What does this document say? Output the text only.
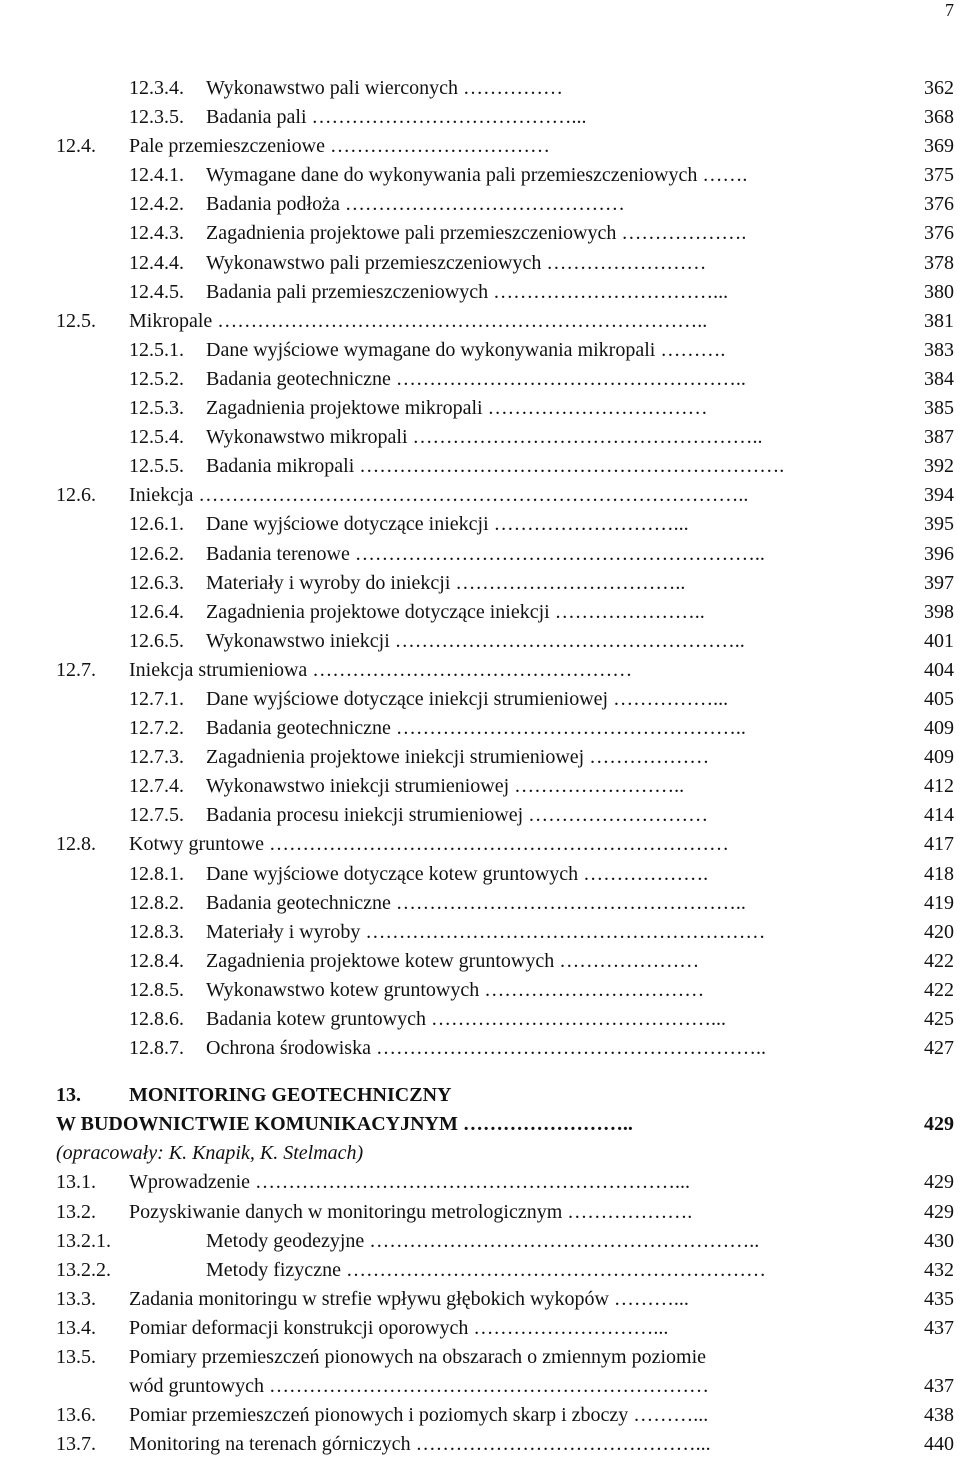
7
12.3.4. Wykonawstwo pali wierconych ……………	362
12.3.5. Badania pali …………………………………...	368
12.4. Pale przemieszczeniowe ……………………………	369
12.4.1. Wymagane dane do wykonywania pali przemieszczeniowych …….	375
12.4.2. Badania podłoża ……………………………………	376
12.4.3. Zagadnienia projektowe pali przemieszczeniowych ……………….	376
12.4.4. Wykonawstwo pali przemieszczeniowych ……………………	378
12.4.5. Badania pali przemieszczeniowych ……………………………...	380
12.5. Mikropale ………………………………………………………………..	381
12.5.1. Dane wyjściowe wymagane do wykonywania mikropali ……….	383
12.5.2. Badania geotechniczne ……………………………………………..	384
12.5.3. Zagadnienia projektowe mikropali ……………………………	385
12.5.4. Wykonawstwo mikropali ……………………………………………..	387
12.5.5. Badania mikropali ……………………………………………………….	392
12.6. Iniekcja ………………………………………………………………………..	394
12.6.1. Dane wyjściowe dotyczące iniekcji ………………………...	395
12.6.2. Badania terenowe ……………………………………………………..	396
12.6.3. Materiały i wyroby do iniekcji ……………………………..	397
12.6.4. Zagadnienia projektowe dotyczące iniekcji …………………..	398
12.6.5. Wykonawstwo iniekcji ……………………………………………..	401
12.7. Iniekcja strumieniowa …………………………………………	404
12.7.1. Dane wyjściowe dotyczące iniekcji strumieniowej ……………...	405
12.7.2. Badania geotechniczne ……………………………………………..	409
12.7.3. Zagadnienia projektowe iniekcji strumieniowej ………………	409
12.7.4. Wykonawstwo iniekcji strumieniowej ……………………..	412
12.7.5. Badania procesu iniekcji strumieniowej ………………………	414
12.8. Kotwy gruntowe ……………………………………………………………	417
12.8.1. Dane wyjściowe dotyczące kotew gruntowych ……………….	418
12.8.2. Badania geotechniczne ……………………………………………..	419
12.8.3. Materiały i wyroby ……………………………………………………	420
12.8.4. Zagadnienia projektowe kotew gruntowych …………………	422
12.8.5. Wykonawstwo kotew gruntowych ……………………………	422
12.8.6. Badania kotew gruntowych ……………………………………...	425
12.8.7. Ochrona środowiska …………………………………………………..	427
13. MONITORING GEOTECHNICZNY
W BUDOWNICTWIE KOMUNIKACYJNYM ……………………..	429
(opracowały: K. Knapik, K. Stelmach)
13.1. Wprowadzenie ………………………………………………………...	429
13.2. Pozyskiwanie danych w monitoringu metrologicznym ……………….	429
13.2.1.	Metody geodezyjne …………………………………………………..	430
13.2.2.	Metody fizyczne ………………………………………………………	432
13.3. Zadania monitoringu w strefie wpływu głębokich wykopów ………...	435
13.4. Pomiar deformacji konstrukcji oporowych ………………………...	437
13.5. Pomiary przemieszczeń pionowych na obszarach o zmiennym poziomie
wód gruntowych …………………………………………………………	437
13.6. Pomiar przemieszczeń pionowych i poziomych skarp i zboczy ………...	438
13.7. Monitoring na terenach górniczych ……………………………………...	440
